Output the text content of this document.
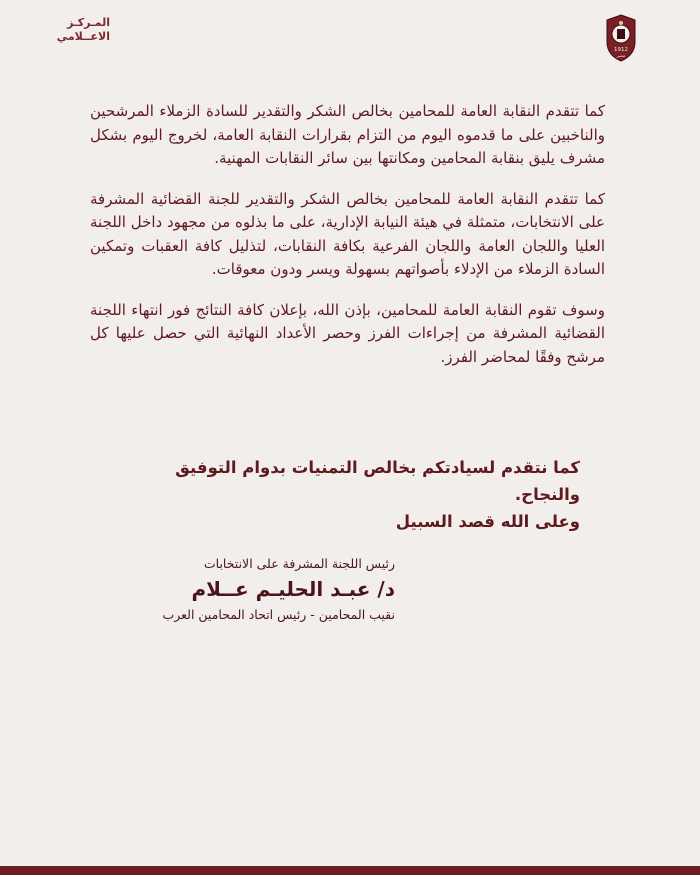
المـركـز
الاعــلامي
1912
مصر

كما تتقدم النقابة العامة للمحامين بخالص الشكر والتقدير للسادة الزملاء المرشحين والناخبين على ما قدموه اليوم من التزام بقرارات النقابة العامة، لخروج اليوم بشكل مشرف يليق بنقابة المحامين ومكانتها بين سائر النقابات المهنية.

كما تتقدم النقابة العامة للمحامين بخالص الشكر والتقدير للجنة القضائية المشرفة على الانتخابات، متمثلة في هيئة النيابة الإدارية، على ما بذلوه من مجهود داخل اللجنة العليا واللجان العامة واللجان الفرعية بكافة النقابات، لتذليل كافة العقبات وتمكين السادة الزملاء من الإدلاء بأصواتهم بسهولة ويسر ودون معوقات.

وسوف تقوم النقابة العامة للمحامين، بإذن الله، بإعلان كافة النتائج فور انتهاء اللجنة القضائية المشرفة من إجراءات الفرز وحصر الأعداد النهائية التي حصل عليها كل مرشح وفقًا لمحاضر الفرز.

كما نتقدم لسيادتكم بخالص التمنيات بدوام التوفيق والنجاح.

وعلى الله قصد السبيل

رئيس اللجنة المشرفة على الانتخابات
د/ عبـد الحليـم عــلام
نقيب المحامين - رئيس اتحاد المحامين العرب
